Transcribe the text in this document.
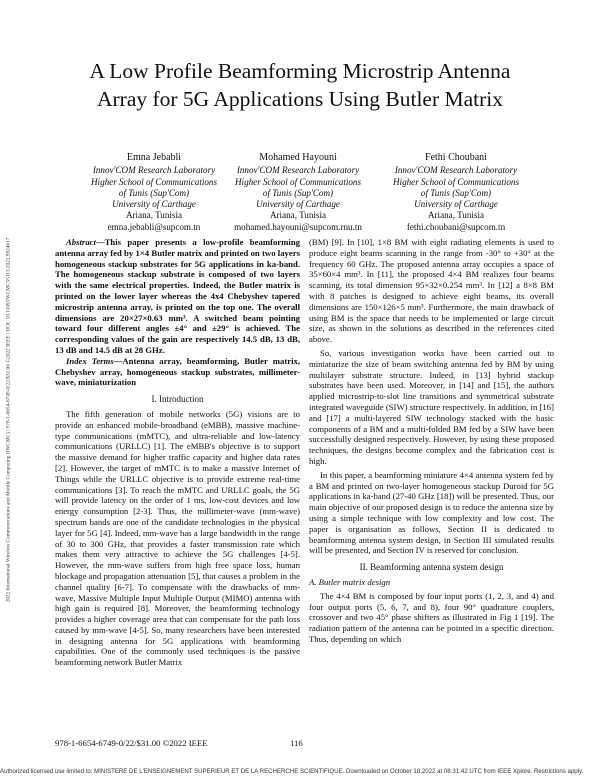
2022 International Wireless Communications and Mobile Computing (IWCMC) | 978-1-6654-6749-0/22/$31.00 ©2022 IEEE | DOI: 10.1109/IWCMC55113.2022.9824617
A Low Profile Beamforming Microstrip Antenna
Array for 5G Applications Using Butler Matrix
Emna Jebabli
Innov'COM Research Laboratory
Higher School of Communications
of Tunis (Sup'Com)
University of Carthage
Ariana, Tunisia
emna.jebabli@supcom.tn
Mohamed Hayouni
Innov'COM Research Laboratory
Higher School of Communications
of Tunis (Sup'Com)
University of Carthage
Ariana, Tunisia
mohamed.hayouni@supcom.rnu.tn
Fethi Choubani
Innov'COM Research Laboratory
Higher School of Communications
of Tunis (Sup'Com)
University of Carthage
Ariana, Tunisia
fethi.choubani@supcom.tn

Abstract—This paper presents a low-profile beamforming antenna array fed by 1×4 Butler matrix and printed on two layers homogeneous stackup substrates for 5G applications in ka-band. The homogeneous stackup substrate is composed of two layers with the same electrical properties. Indeed, the Butler matrix is printed on the lower layer whereas the 4x4 Chebyshev tapered microstrip antenna array, is printed on the top one. The overall dimensions are 20×27×0.63 mm³. A switched beam pointing toward four different angles ±4° and ±29° is achieved. The corresponding values of the gain are respectively 14.5 dB, 13 dB, 13 dB and 14.5 dB at 28 GHz.

Index Terms—Antenna array, beamforming, Butler matrix, Chebyshev array, homogeneous stackup substrates, millimeter-wave, miniaturization

I. Introduction

The fifth generation of mobile networks (5G) visions are to provide an enhanced mobile-broadband (eMBB), massive machine-type communications (mMTC), and ultra-reliable and low-latency communications (URLLC) [1]. The eMBB's objective is to support the massive demand for higher traffic capacity and higher data rates [2]. However, the target of mMTC is to make a massive Internet of Things while the URLLC objective is to provide extreme real-time communications [3]. To reach the mMTC and URLLC goals, the 5G will provide latency on the order of 1 ms, low-cost devices and low energy consumption [2-3]. Thus, the millimeter-wave (mm-wave) spectrum bands are one of the candidate technologies in the physical layer for 5G [4]. Indeed, mm-wave has a large bandwidth in the range of 30 to 300 GHz, that provides a faster transmission rate which makes them very attractive to achieve the 5G challenges [4-5]. However, the mm-wave suffers from high free space loss, human blockage and propagation attenuation [5], that causes a problem in the channel quality [6-7]. To compensate with the drawbacks of mm-wave, Massive Multiple Input Multiple Output (MIMO) antenna with high gain is required [8]. Moreover, the beamforming technology provides a higher coverage area that can compensate for the path loss caused by mm-wave [4-5]. So, many researchers have been interested in designing antenna for 5G applications with beamforming capabilities. One of the commonly used techniques is the passive beamforming network Butler Matrix

(BM) [9]. In [10], 1×8 BM with eight radiating elements is used to produce eight beams scanning in the range from -30° to +30° at the frequency 60 GHz. The proposed antenna array occupies a space of 35×60×4 mm³. In [11], the proposed 4×4 BM realizes four beams scanning, its total dimension 95×32×0.254 mm³. In [12] a 8×8 BM with 8 patches is designed to achieve eight beams, its overall dimensions are 150×126×5 mm³. Furthermore, the main drawback of using BM is the space that needs to be implemented or large circuit size, as shown in the solutions as described in the references cited above.

So, various investigation works have been carried out to miniaturize the size of beam switching antenna fed by BM by using multilayer substrate structure. Indeed, in [13] hybrid stackup substrates have been used. Moreover, in [14] and [15], the authors applied microstrip-to-slot line transitions and symmetrical substrate integrated waveguide (SIW) structure respectively. In addition, in [16] and [17] a multi-layered SIW technology stacked with the basic components of a BM and a multi-folded BM fed by a SIW have been successfully designed respectively. However, by using these proposed techniques, the designs become complex and the fabrication cost is high.

In this paper, a beamforming miniature 4×4 antenna system fed by a BM and printed on two-layer homogeneous stackup Duroid for 5G applications in ka-band (27-40 GHz [18]) will be presented. Thus, our main objective of our proposed design is to reduce the antenna size by using a simple technique with low complexity and low cost. The paper is organisation as follows, Section II is dedicated to beamforming antenna system design, in Section III simulated results will be presented, and Section IV is reserved for conclusion.

II. Beamforming antenna system design

A. Butler matrix design

The 4×4 BM is composed by four input ports (1, 2, 3, and 4) and four output ports (5, 6, 7, and 8), four 90° quadrature couplers, crossover and two 45° phase shifters as illustrated in Fig 1 [19]. The radiation pattern of the antenna can be pointed in a specific direction. Thus, depending on which

978-1-6654-6749-0/22/$31.00 ©2022 IEEE	116
Authorized licensed use limited to: MINISTERE DE L'ENSEIGNEMENT SUPERIEUR ET DE LA RECHERCHE SCIENTIFIQUE. Downloaded on October 18,2022 at 08:31:42 UTC from IEEE Xplore. Restrictions apply.
